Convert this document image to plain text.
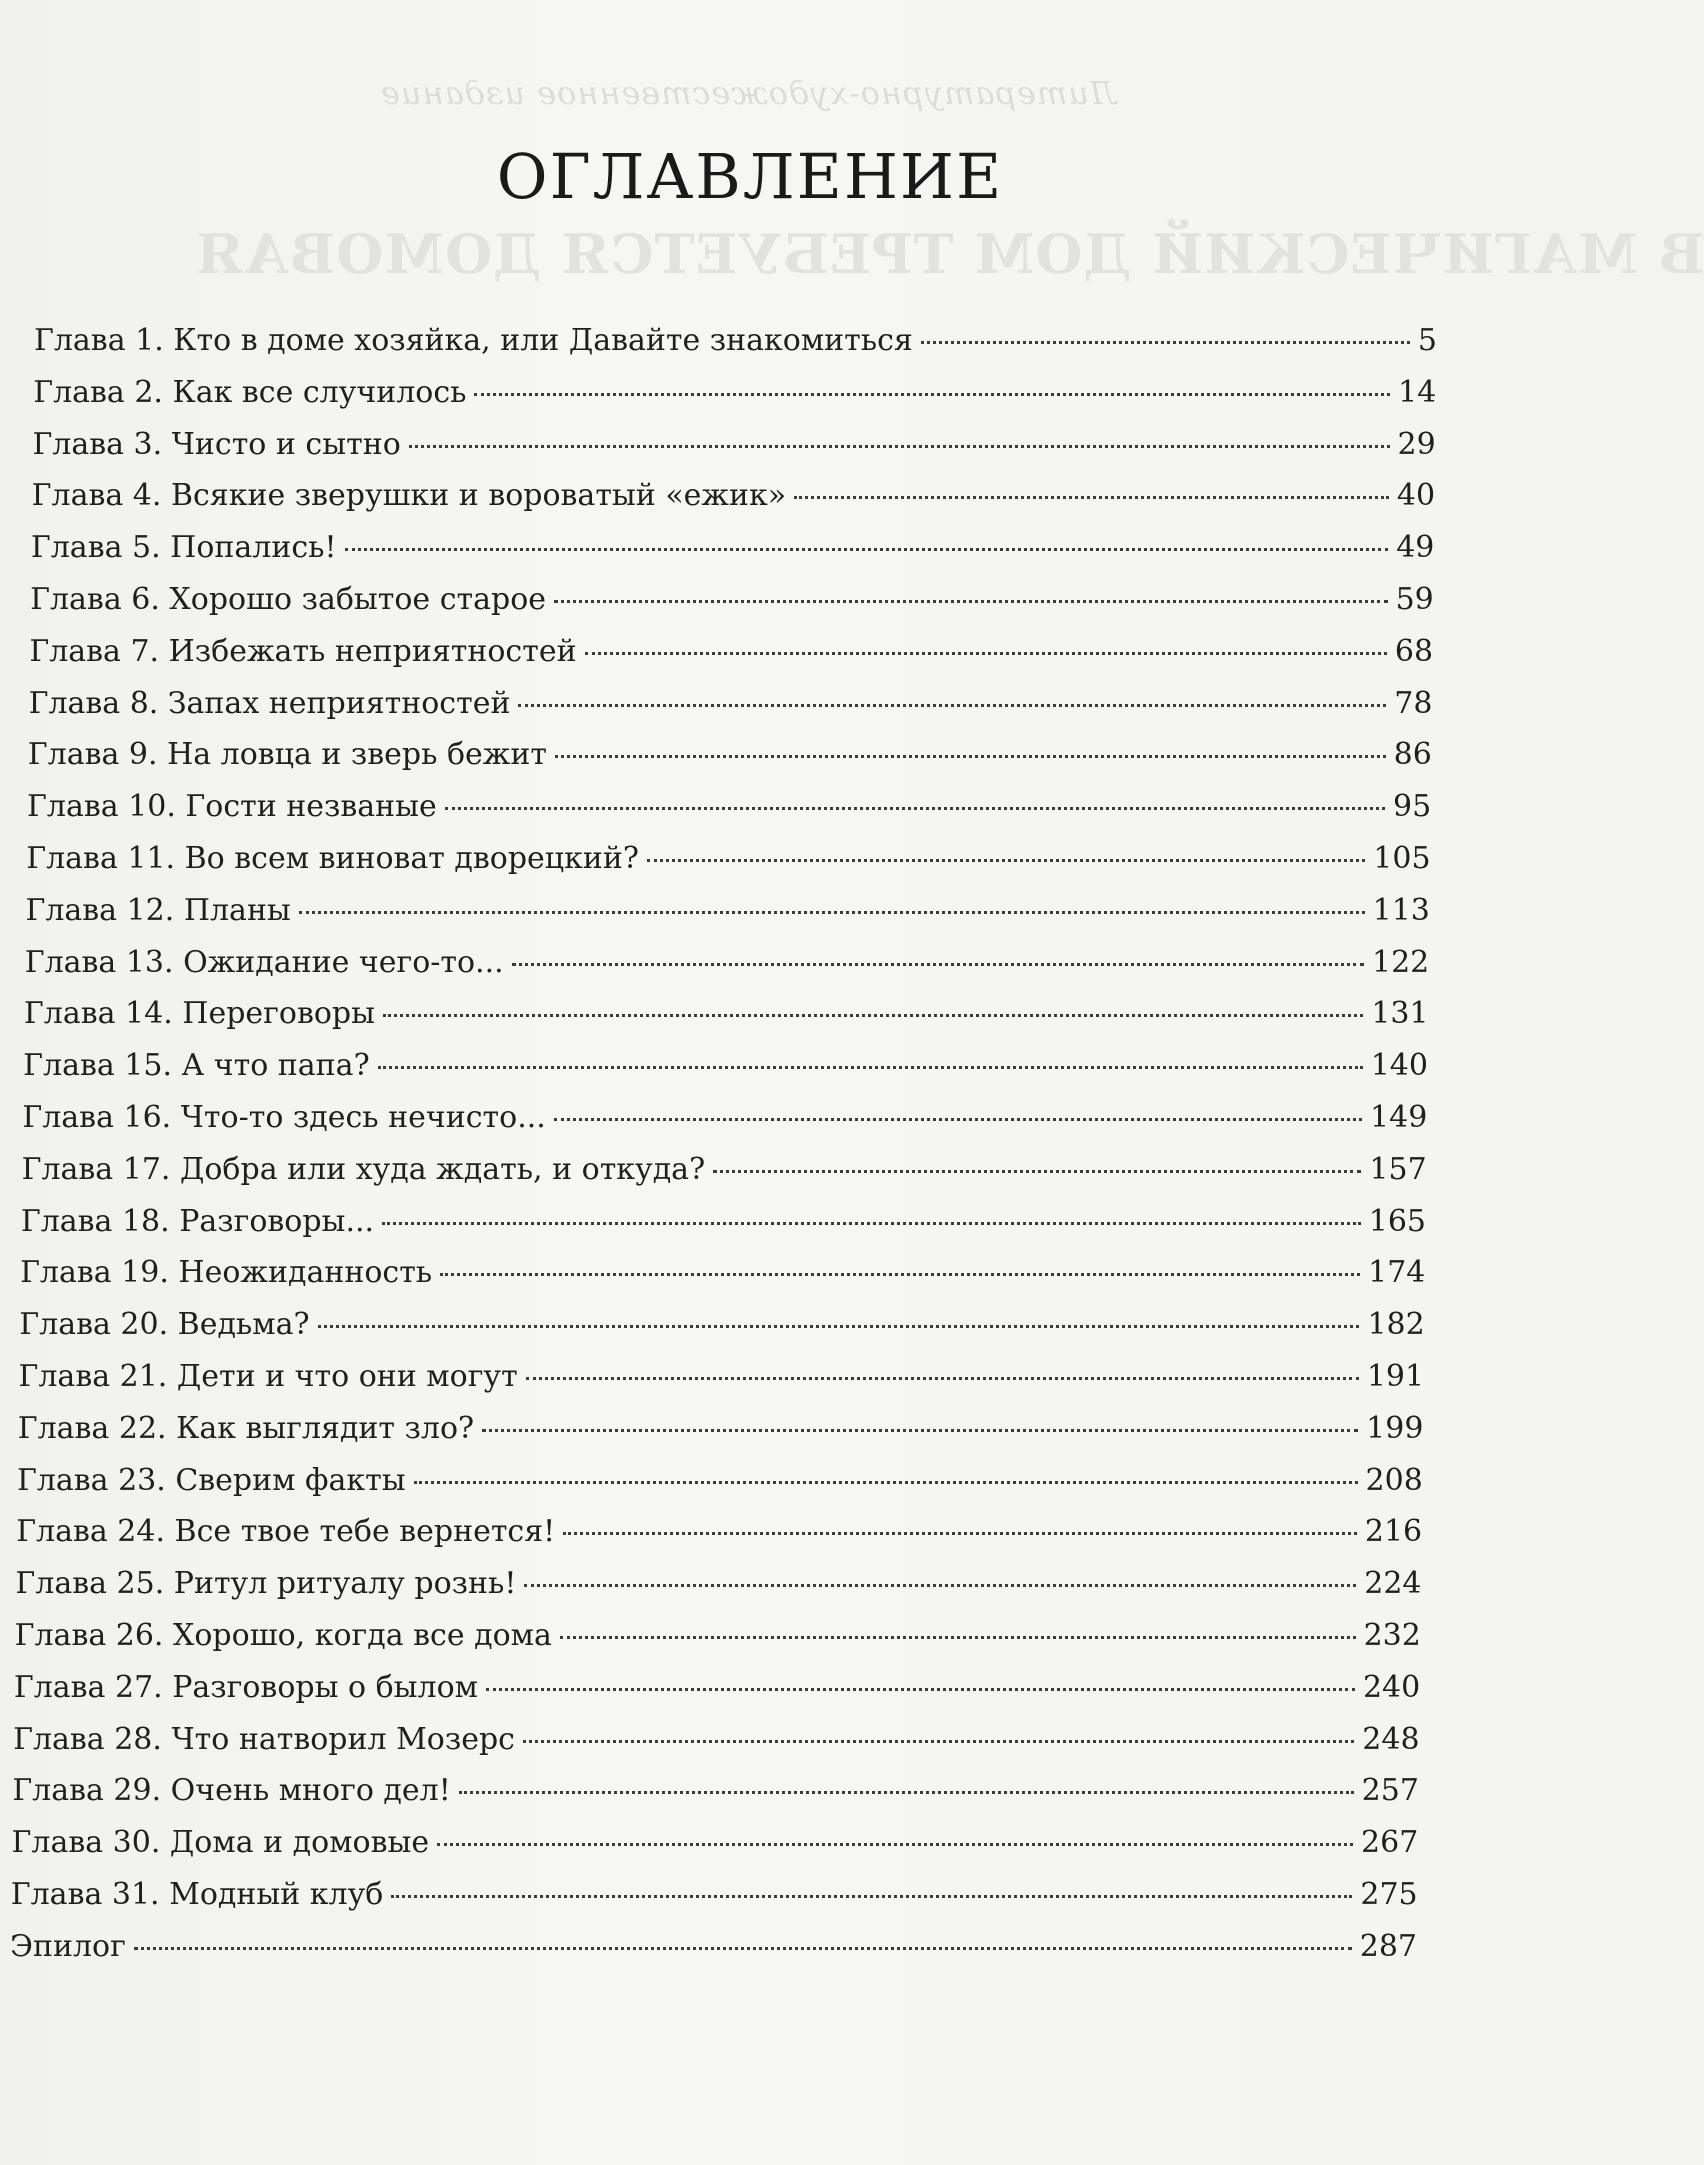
Литературно-художественное издание
В МАГИЧЕСКИЙ ДОМ ТРЕБУЕТСЯ ДОМОВАЯ
ОГЛАВЛЕНИЕ
Глава 1. Кто в доме хозяйка, или Давайте знакомиться	5
Глава 2. Как все случилось	14
Глава 3. Чисто и сытно	29
Глава 4. Всякие зверушки и вороватый «ежик»	40
Глава 5. Попались!	49
Глава 6. Хорошо забытое старое	59
Глава 7. Избежать неприятностей	68
Глава 8. Запах неприятностей	78
Глава 9. На ловца и зверь бежит	86
Глава 10. Гости незваные	95
Глава 11. Во всем виноват дворецкий?	105
Глава 12. Планы	113
Глава 13. Ожидание чего-то...	122
Глава 14. Переговоры	131
Глава 15. А что папа?	140
Глава 16. Что-то здесь нечисто...	149
Глава 17. Добра или худа ждать, и откуда?	157
Глава 18. Разговоры...	165
Глава 19. Неожиданность	174
Глава 20. Ведьма?	182
Глава 21. Дети и что они могут	191
Глава 22. Как выглядит зло?	199
Глава 23. Сверим факты	208
Глава 24. Все твое тебе вернется!	216
Глава 25. Ритул ритуалу рознь!	224
Глава 26. Хорошо, когда все дома	232
Глава 27. Разговоры о былом	240
Глава 28. Что натворил Мозерс	248
Глава 29. Очень много дел!	257
Глава 30. Дома и домовые	267
Глава 31. Модный клуб	275
Эпилог	287
